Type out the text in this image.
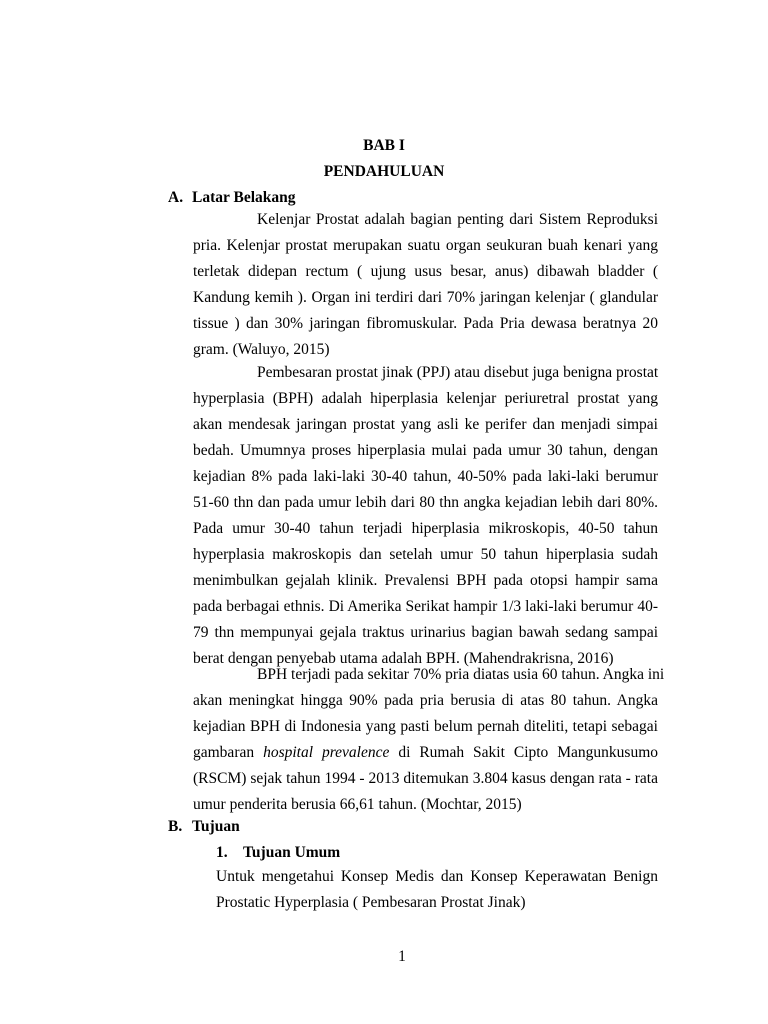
BAB I
PENDAHULUAN
A. Latar Belakang
Kelenjar Prostat adalah bagian penting dari Sistem Reproduksi
pria. Kelenjar prostat merupakan suatu organ seukuran buah kenari yang
terletak didepan rectum ( ujung usus besar, anus) dibawah bladder (
Kandung kemih ). Organ ini terdiri dari 70% jaringan kelenjar ( glandular
tissue ) dan 30% jaringan fibromuskular. Pada Pria dewasa beratnya 20
gram. (Waluyo, 2015)
Pembesaran prostat jinak (PPJ) atau disebut juga benigna prostat
hyperplasia (BPH) adalah hiperplasia kelenjar periuretral prostat yang
akan mendesak jaringan prostat yang asli ke perifer dan menjadi simpai
bedah. Umumnya proses hiperplasia mulai pada umur 30 tahun, dengan
kejadian 8% pada laki-laki 30-40 tahun, 40-50% pada laki-laki berumur
51-60 thn dan pada umur lebih dari 80 thn angka kejadian lebih dari 80%.
Pada umur 30-40 tahun terjadi hiperplasia mikroskopis, 40-50 tahun
hyperplasia makroskopis dan setelah umur 50 tahun hiperplasia sudah
menimbulkan gejalah klinik. Prevalensi BPH pada otopsi hampir sama
pada berbagai ethnis. Di Amerika Serikat hampir 1/3 laki-laki berumur 40-
79 thn mempunyai gejala traktus urinarius bagian bawah sedang sampai
berat dengan penyebab utama adalah BPH. (Mahendrakrisna, 2016)
BPH terjadi pada sekitar 70% pria diatas usia 60 tahun. Angka ini
akan meningkat hingga 90% pada pria berusia di atas 80 tahun. Angka
kejadian BPH di Indonesia yang pasti belum pernah diteliti, tetapi sebagai
gambaran hospital prevalence di Rumah Sakit Cipto Mangunkusumo
(RSCM) sejak tahun 1994 - 2013 ditemukan 3.804 kasus dengan rata - rata
umur penderita berusia 66,61 tahun. (Mochtar, 2015)
B. Tujuan
1. Tujuan Umum
Untuk mengetahui Konsep Medis dan Konsep Keperawatan Benign
Prostatic Hyperplasia ( Pembesaran Prostat Jinak)
1
